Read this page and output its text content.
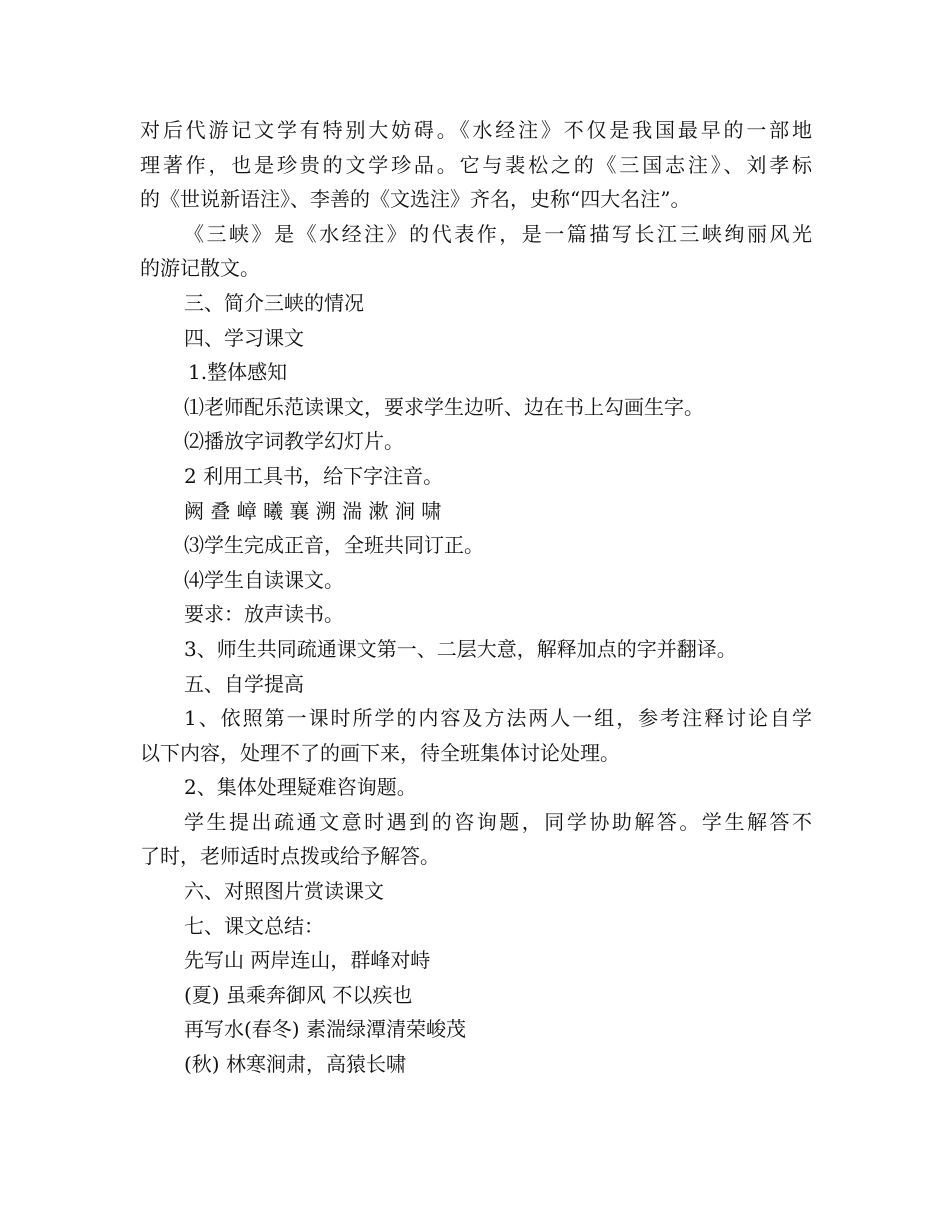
对后代游记文学有特别大妨碍。《水经注》不仅是我国最早的一部地
理著作，也是珍贵的文学珍品。它与裴松之的《三国志注》、刘孝标
的《世说新语注》、李善的《文选注》齐名，史称“四大名注”。
《三峡》是《水经注》的代表作，是一篇描写长江三峡绚丽风光
的游记散文。
三、简介三峡的情况
四、学习课文
1.整体感知
⑴老师配乐范读课文，要求学生边听、边在书上勾画生字。
⑵播放字词教学幻灯片。
2 利用工具书，给下字注音。
阙 叠 嶂 曦 襄 溯 湍 漱 涧 啸
⑶学生完成正音，全班共同订正。
⑷学生自读课文。
要求：放声读书。
3、师生共同疏通课文第一、二层大意，解释加点的字并翻译。
五、自学提高
1、依照第一课时所学的内容及方法两人一组，参考注释讨论自学
以下内容，处理不了的画下来，待全班集体讨论处理。
2、集体处理疑难咨询题。
学生提出疏通文意时遇到的咨询题，同学协助解答。学生解答不
了时，老师适时点拨或给予解答。
六、对照图片赏读课文
七、课文总结：
先写山 两岸连山，群峰对峙
(夏) 虽乘奔御风 不以疾也
再写水(春冬) 素湍绿潭清荣峻茂
(秋) 林寒涧肃，高猿长啸
